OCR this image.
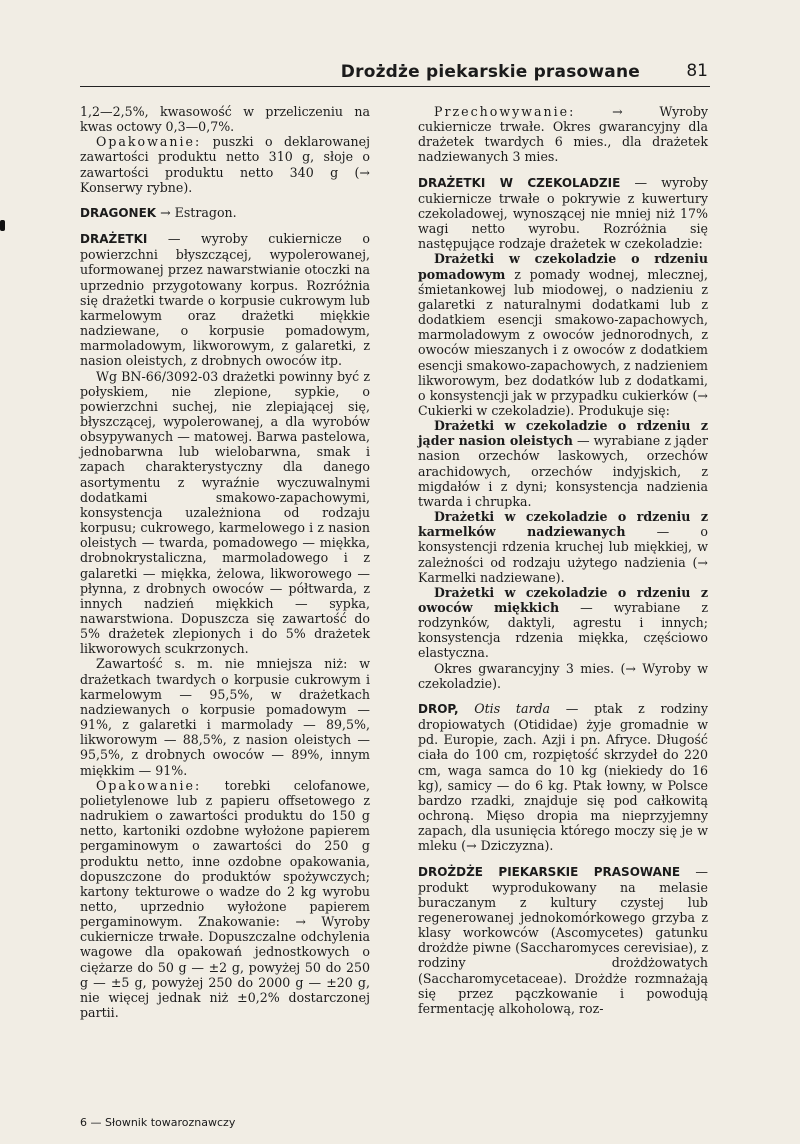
Drożdże piekarskie prasowane	81

1,2—2,5%, kwasowość w przeliczeniu na kwas octowy 0,3—0,7%.

Opakowanie: puszki o deklarowanej zawartości produktu netto 310 g, słoje o zawartości produktu netto 340 g (→ Konserwy rybne).

DRAGONEK → Estragon.

DRAŻETKI — wyroby cukiernicze o powierzchni błyszczącej, wypolerowanej, uformowanej przez nawarstwianie otoczki na uprzednio przygotowany korpus. Rozróżnia się drażetki twarde o korpusie cukrowym lub karmelowym oraz drażetki miękkie nadziewane, o korpusie pomadowym, marmoladowym, likworowym, z galaretki, z nasion oleistych, z drobnych owoców itp.

Wg BN-66/3092-03 drażetki powinny być z połyskiem, nie zlepione, sypkie, o powierzchni suchej, nie zlepiającej się, błyszczącej, wypolerowanej, a dla wyrobów obsypywanych — matowej. Barwa pastelowa, jednobarwna lub wielobarwna, smak i zapach charakterystyczny dla danego asortymentu z wyraźnie wyczuwalnymi dodatkami smakowo-zapachowymi, konsystencja uzależniona od rodzaju korpusu; cukrowego, karmelowego i z nasion oleistych — twarda, pomadowego — miękka, drobnokrystaliczna, marmoladowego i z galaretki — miękka, żelowa, likworowego — płynna, z drobnych owoców — półtwarda, z innych nadzień miękkich — sypka, nawarstwiona. Dopuszcza się zawartość do 5% drażetek zlepionych i do 5% drażetek likworowych scukrzonych.

Zawartość s. m. nie mniejsza niż: w drażetkach twardych o korpusie cukrowym i karmelowym — 95,5%, w drażetkach nadziewanych o korpusie pomadowym — 91%, z galaretki i marmolady — 89,5%, likworowym — 88,5%, z nasion oleistych — 95,5%, z drobnych owoców — 89%, innym miękkim — 91%.

Opakowanie: torebki celofanowe, polietylenowe lub z papieru offsetowego z nadrukiem o zawartości produktu do 150 g netto, kartoniki ozdobne wyłożone papierem pergaminowym o zawartości do 250 g produktu netto, inne ozdobne opakowania, dopuszczone do produktów spożywczych; kartony tekturowe o wadze do 2 kg wyrobu netto, uprzednio wyłożone papierem pergaminowym. Znakowanie: → Wyroby cukiernicze trwałe. Dopuszczalne odchylenia wagowe dla opakowań jednostkowych o ciężarze do 50 g — ±2 g, powyżej 50 do 250 g — ±5 g, powyżej 250 do 2000 g — ±20 g, nie więcej jednak niż ±0,2% dostarczonej partii.

Przechowywanie: → Wyroby cukiernicze trwałe. Okres gwarancyjny dla drażetek twardych 6 mies., dla drażetek nadziewanych 3 mies.

DRAŻETKI W CZEKOLADZIE — wyroby cukiernicze trwałe o pokrywie z kuwertury czekoladowej, wynoszącej nie mniej niż 17% wagi netto wyrobu. Rozróżnia się następujące rodzaje drażetek w czekoladzie:

Drażetki w czekoladzie o rdzeniu pomadowym z pomady wodnej, mlecznej, śmietankowej lub miodowej, o nadzieniu z galaretki z naturalnymi dodatkami lub z dodatkiem esencji smakowo-zapachowych, marmoladowym z owoców jednorodnych, z owoców mieszanych i z owoców z dodatkiem esencji smakowo-zapachowych, z nadzieniem likworowym, bez dodatków lub z dodatkami, o konsystencji jak w przypadku cukierków (→ Cukierki w czekoladzie). Produkuje się:

Drażetki w czekoladzie o rdzeniu z jąder nasion oleistych — wyrabiane z jąder nasion orzechów laskowych, orzechów arachidowych, orzechów indyjskich, z migdałów i z dyni; konsystencja nadzienia twarda i chrupka.

Drażetki w czekoladzie o rdzeniu z karmelków nadziewanych — o konsystencji rdzenia kruchej lub miękkiej, w zależności od rodzaju użytego nadzienia (→ Karmelki nadziewane).

Drażetki w czekoladzie o rdzeniu z owoców miękkich — wyrabiane z rodzynków, daktyli, agrestu i innych; konsystencja rdzenia miękka, częściowo elastyczna.

Okres gwarancyjny 3 mies. (→ Wyroby w czekoladzie).

DROP, Otis tarda — ptak z rodziny dropiowatych (Otididae) żyje gromadnie w pd. Europie, zach. Azji i pn. Afryce. Długość ciała do 100 cm, rozpiętość skrzydeł do 220 cm, waga samca do 10 kg (niekiedy do 16 kg), samicy — do 6 kg. Ptak łowny, w Polsce bardzo rzadki, znajduje się pod całkowitą ochroną. Mięso dropia ma nieprzyjemny zapach, dla usunięcia którego moczy się je w mleku (→ Dziczyzna).

DROŻDŻE PIEKARSKIE PRASOWANE — produkt wyprodukowany na melasie buraczanym z kultury czystej lub regenerowanej jednokomórkowego grzyba z klasy workowców (Ascomycetes) gatunku drożdże piwne (Saccharomyces cerevisiae), z rodziny drożdżowatych (Saccharomycetaceae). Drożdże rozmnażają się przez pączkowanie i powodują fermentację alkoholową, roz-

6 — Słownik towaroznawczy
